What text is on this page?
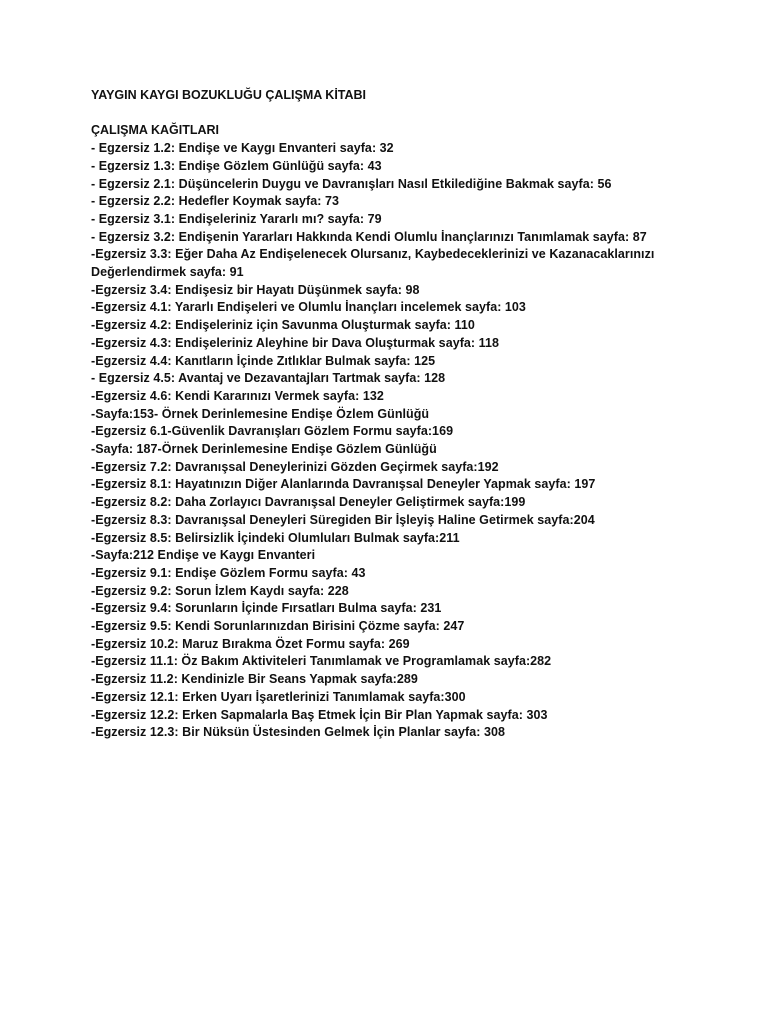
YAYGIN KAYGI BOZUKLUĞU ÇALIŞMA KİTABI
ÇALIŞMA KAĞITLARI
- Egzersiz 1.2: Endişe ve Kaygı Envanteri sayfa: 32
- Egzersiz 1.3: Endişe Gözlem Günlüğü sayfa: 43
- Egzersiz 2.1: Düşüncelerin Duygu ve Davranışları Nasıl Etkilediğine Bakmak sayfa: 56
- Egzersiz 2.2: Hedefler Koymak sayfa: 73
- Egzersiz 3.1: Endişeleriniz Yararlı mı? sayfa: 79
- Egzersiz 3.2: Endişenin Yararları Hakkında Kendi Olumlu İnançlarınızı Tanımlamak sayfa: 87
-Egzersiz 3.3: Eğer Daha Az Endişelenecek Olursanız, Kaybedeceklerinizi ve Kazanacaklarınızı Değerlendirmek sayfa: 91
-Egzersiz 3.4: Endişesiz bir Hayatı Düşünmek sayfa: 98
-Egzersiz 4.1: Yararlı Endişeleri ve Olumlu İnançları incelemek sayfa: 103
-Egzersiz 4.2: Endişeleriniz için Savunma Oluşturmak sayfa: 110
-Egzersiz 4.3: Endişeleriniz Aleyhine bir Dava Oluşturmak sayfa: 118
-Egzersiz 4.4: Kanıtların İçinde Zıtlıklar Bulmak sayfa: 125
- Egzersiz 4.5: Avantaj ve Dezavantajları Tartmak sayfa: 128
-Egzersiz 4.6: Kendi Kararınızı Vermek sayfa: 132
-Sayfa:153- Örnek Derinlemesine Endişe Özlem Günlüğü
-Egzersiz 6.1-Güvenlik Davranışları Gözlem Formu sayfa:169
-Sayfa: 187-Örnek Derinlemesine Endişe Gözlem Günlüğü
-Egzersiz 7.2: Davranışsal Deneylerinizi Gözden Geçirmek sayfa:192
-Egzersiz 8.1: Hayatınızın Diğer Alanlarında Davranışsal Deneyler Yapmak sayfa: 197
-Egzersiz 8.2: Daha Zorlayıcı Davranışsal Deneyler Geliştirmek sayfa:199
-Egzersiz 8.3: Davranışsal Deneyleri Süregiden Bir İşleyiş Haline Getirmek sayfa:204
-Egzersiz 8.5: Belirsizlik İçindeki Olumluları Bulmak sayfa:211
-Sayfa:212 Endişe ve Kaygı Envanteri
-Egzersiz 9.1: Endişe Gözlem Formu sayfa: 43
-Egzersiz 9.2: Sorun İzlem Kaydı sayfa: 228
-Egzersiz 9.4: Sorunların İçinde Fırsatları Bulma sayfa: 231
-Egzersiz 9.5: Kendi Sorunlarınızdan Birisini Çözme sayfa: 247
-Egzersiz 10.2: Maruz Bırakma Özet Formu sayfa: 269
-Egzersiz 11.1: Öz Bakım Aktiviteleri Tanımlamak ve Programlamak sayfa:282
-Egzersiz 11.2: Kendinizle Bir Seans Yapmak sayfa:289
-Egzersiz 12.1: Erken Uyarı İşaretlerinizi Tanımlamak sayfa:300
-Egzersiz 12.2: Erken Sapmalarla Baş Etmek İçin Bir Plan Yapmak sayfa: 303
-Egzersiz 12.3: Bir Nüksün Üstesinden Gelmek İçin Planlar sayfa: 308
